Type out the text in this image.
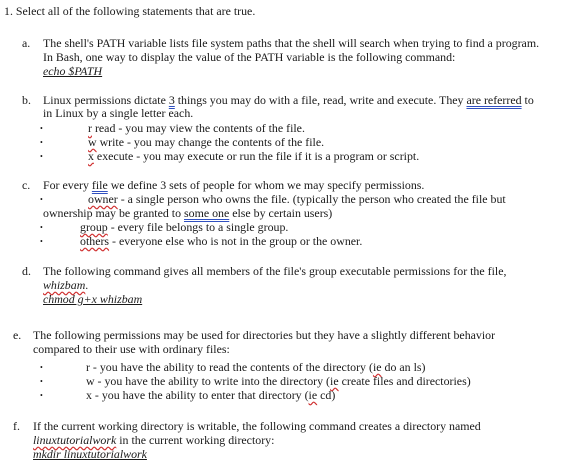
1. Select all of the following statements that are true.
a. The shell's PATH variable lists file system paths that the shell will search when trying to find a program.
In Bash, one way to display the value of the PATH variable is the following command:
echo $PATH
b. Linux permissions dictate 3 things you may do with a file, read, write and execute. They are referred to
in Linux by a single letter each.
•	r read - you may view the contents of the file.
•	w write - you may change the contents of the file.
•	x execute - you may execute or run the file if it is a program or script.
c. For every file we define 3 sets of people for whom we may specify permissions.
•	owner - a single person who owns the file. (typically the person who created the file but
ownership may be granted to some one else by certain users)
•	group - every file belongs to a single group.
•	others - everyone else who is not in the group or the owner.
d. The following command gives all members of the file's group executable permissions for the file,
whizbam.
chmod g+x whizbam
e. The following permissions may be used for directories but they have a slightly different behavior
compared to their use with ordinary files:
•	r - you have the ability to read the contents of the directory (ie do an ls)
•	w - you have the ability to write into the directory (ie create files and directories)
•	x - you have the ability to enter that directory (ie cd)
f. If the current working directory is writable, the following command creates a directory named
linuxtutorialwork in the current working directory:
mkdir linuxtutorialwork
